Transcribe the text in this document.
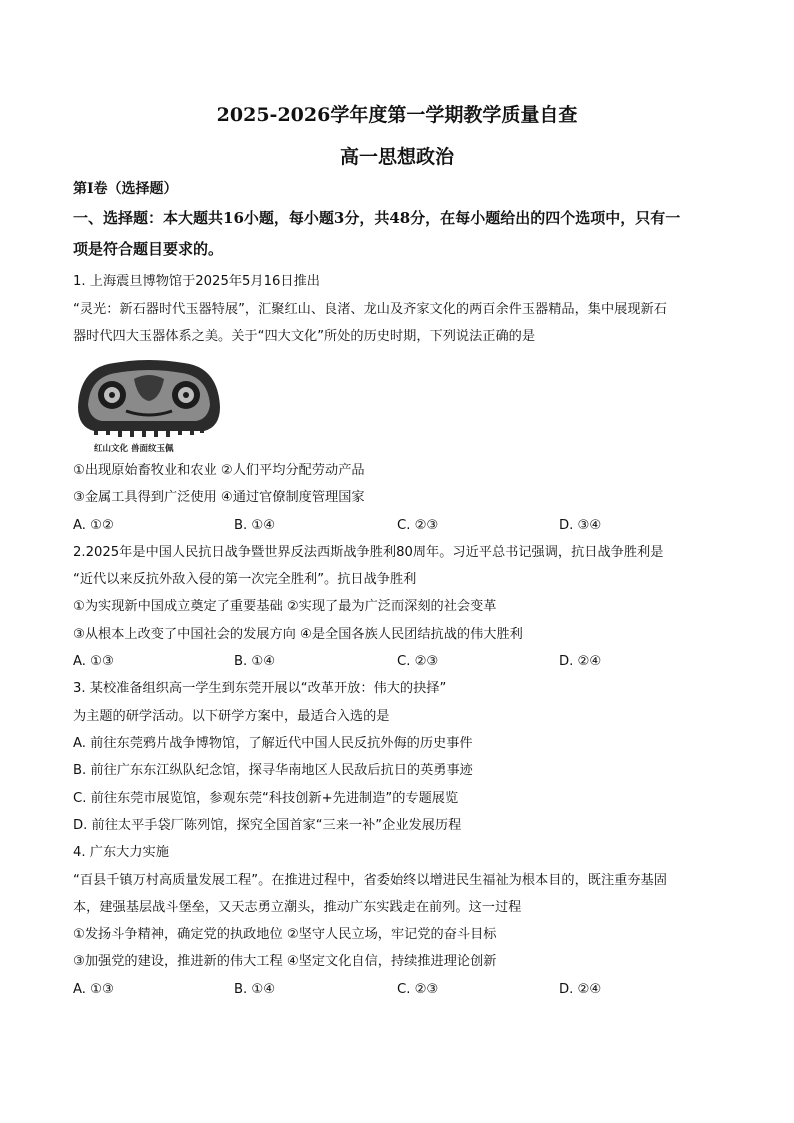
2025-2026学年度第一学期教学质量自查
高一思想政治
第Ⅰ卷（选择题）
一、选择题：本大题共16小题，每小题3分，共48分，在每小题给出的四个选项中，只有一
项是符合题目要求的。
1. 上海震旦博物馆于2025年5月16日推出
“灵光：新石器时代玉器特展”，汇聚红山、良渚、龙山及齐家文化的两百余件玉器精品，集中展现新石
器时代四大玉器体系之美。关于“四大文化”所处的历史时期，下列说法正确的是
红山文化 兽面纹玉佩
①出现原始畜牧业和农业 ②人们平均分配劳动产品
③金属工具得到广泛使用 ④通过官僚制度管理国家
A. ①②	B. ①④	C. ②③	D. ③④
2.2025年是中国人民抗日战争暨世界反法西斯战争胜利80周年。习近平总书记强调，抗日战争胜利是
“近代以来反抗外敌入侵的第一次完全胜利”。抗日战争胜利
①为实现新中国成立奠定了重要基础 ②实现了最为广泛而深刻的社会变革
③从根本上改变了中国社会的发展方向 ④是全国各族人民团结抗战的伟大胜利
A. ①③	B. ①④	C. ②③	D. ②④
3. 某校准备组织高一学生到东莞开展以“改革开放：伟大的抉择”
为主题的研学活动。以下研学方案中，最适合入选的是
A. 前往东莞鸦片战争博物馆，了解近代中国人民反抗外侮的历史事件
B. 前往广东东江纵队纪念馆，探寻华南地区人民敌后抗日的英勇事迹
C. 前往东莞市展览馆，参观东莞“科技创新+先进制造”的专题展览
D. 前往太平手袋厂陈列馆，探究全国首家“三来一补”企业发展历程
4. 广东大力实施
“百县千镇万村高质量发展工程”。在推进过程中，省委始终以增进民生福祉为根本目的，既注重夯基固
本，建强基层战斗堡垒，又天志勇立潮头，推动广东实践走在前列。这一过程
①发扬斗争精神，确定党的执政地位 ②坚守人民立场，牢记党的奋斗目标
③加强党的建设，推进新的伟大工程 ④坚定文化自信，持续推进理论创新
A. ①③	B. ①④	C. ②③	D. ②④
